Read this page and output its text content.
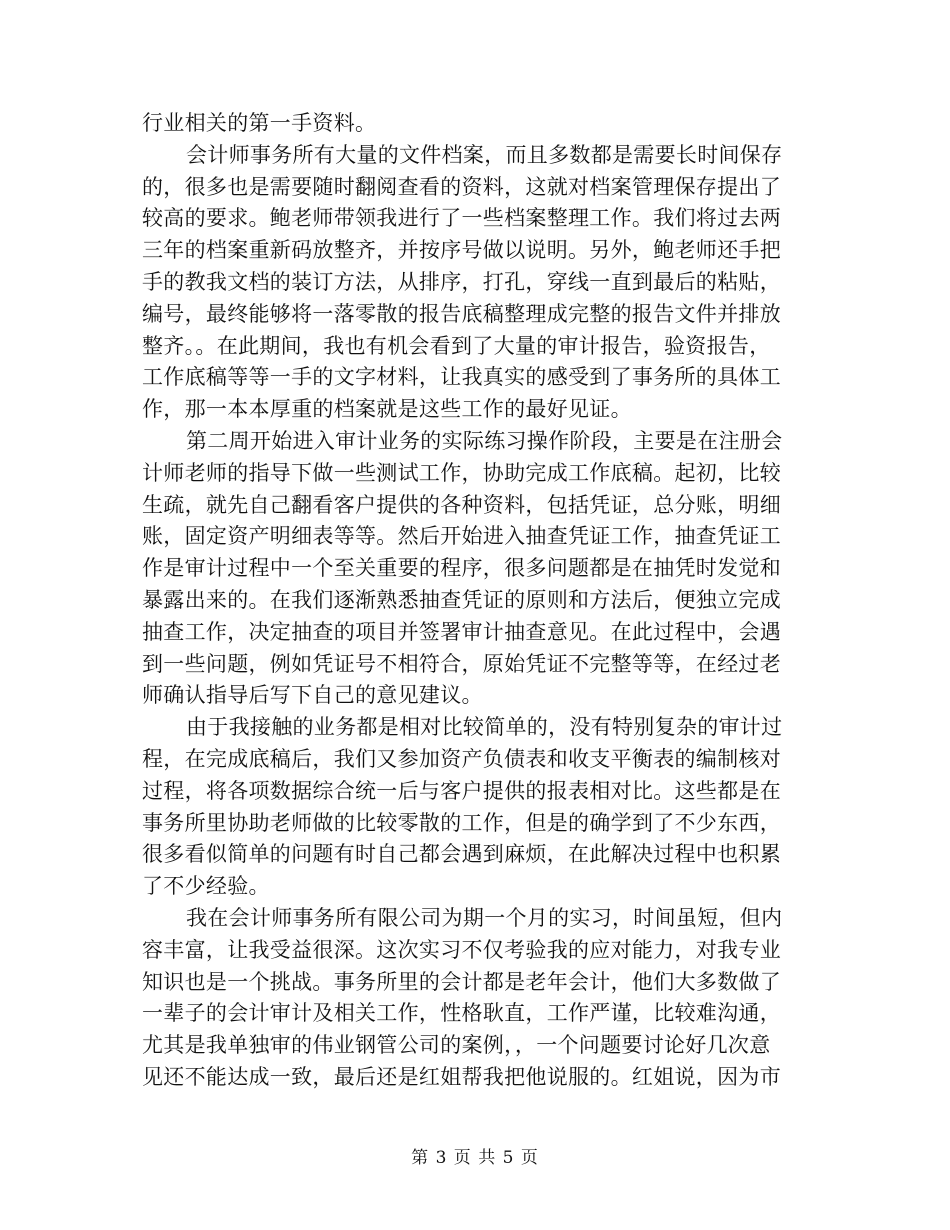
行业相关的第一手资料。

会计师事务所有大量的文件档案，而且多数都是需要长时间保存
的，很多也是需要随时翻阅查看的资料，这就对档案管理保存提出了
较高的要求。鲍老师带领我进行了一些档案整理工作。我们将过去两
三年的档案重新码放整齐，并按序号做以说明。另外，鲍老师还手把
手的教我文档的装订方法，从排序，打孔，穿线一直到最后的粘贴，
编号，最终能够将一落零散的报告底稿整理成完整的报告文件并排放
整齐。。在此期间，我也有机会看到了大量的审计报告，验资报告，
工作底稿等等一手的文字材料，让我真实的感受到了事务所的具体工
作，那一本本厚重的档案就是这些工作的最好见证。

第二周开始进入审计业务的实际练习操作阶段，主要是在注册会
计师老师的指导下做一些测试工作，协助完成工作底稿。起初，比较
生疏，就先自己翻看客户提供的各种资料，包括凭证，总分账，明细
账，固定资产明细表等等。然后开始进入抽查凭证工作，抽查凭证工
作是审计过程中一个至关重要的程序，很多问题都是在抽凭时发觉和
暴露出来的。在我们逐渐熟悉抽查凭证的原则和方法后，便独立完成
抽查工作，决定抽查的项目并签署审计抽查意见。在此过程中，会遇
到一些问题，例如凭证号不相符合，原始凭证不完整等等，在经过老
师确认指导后写下自己的意见建议。

由于我接触的业务都是相对比较简单的，没有特别复杂的审计过
程，在完成底稿后，我们又参加资产负债表和收支平衡表的编制核对
过程，将各项数据综合统一后与客户提供的报表相对比。这些都是在
事务所里协助老师做的比较零散的工作，但是的确学到了不少东西，
很多看似简单的问题有时自己都会遇到麻烦，在此解决过程中也积累
了不少经验。

我在会计师事务所有限公司为期一个月的实习，时间虽短，但内
容丰富，让我受益很深。这次实习不仅考验我的应对能力，对我专业
知识也是一个挑战。事务所里的会计都是老年会计，他们大多数做了
一辈子的会计审计及相关工作，性格耿直，工作严谨，比较难沟通，
尤其是我单独审的伟业钢管公司的案例，，一个问题要讨论好几次意
见还不能达成一致，最后还是红姐帮我把他说服的。红姐说，因为市

第 3 页 共 5 页
